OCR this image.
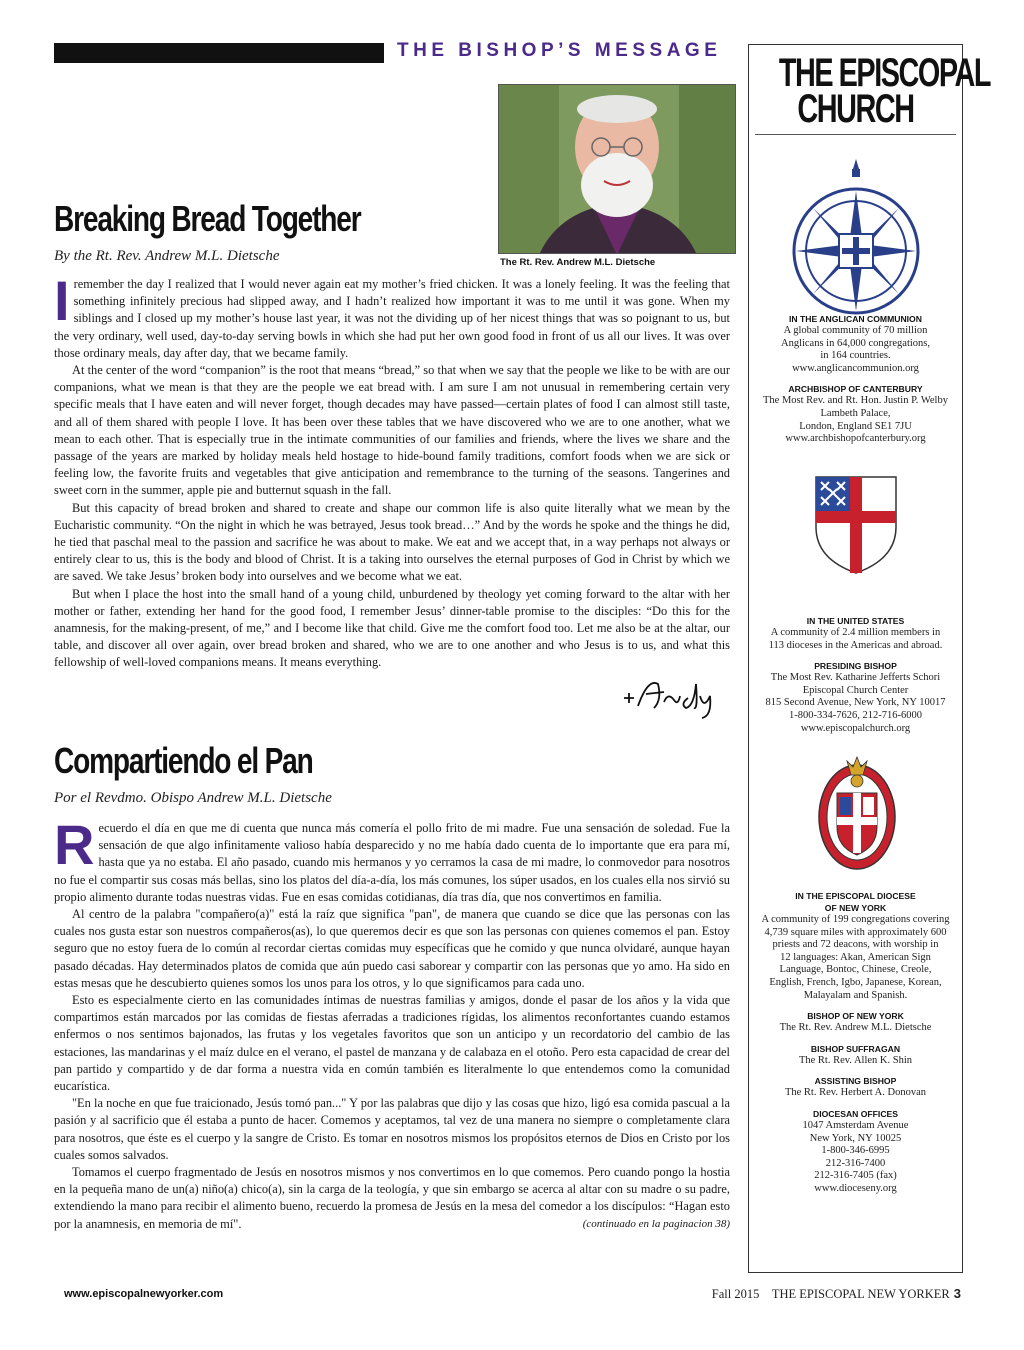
THE BISHOP’S MESSAGE
The Rt. Rev. Andrew M.L. Dietsche
Breaking Bread Together
By the Rt. Rev. Andrew M.L. Dietsche

Iremember the day I realized that I would never again eat my mother’s fried chicken. It was a lonely feeling. It was the feeling that something infinitely precious had slipped away, and I hadn’t realized how important it was to me until it was gone. When my siblings and I closed up my mother’s house last year, it was not the dividing up of her nicest things that was so poignant to us, but the very ordinary, well used, day-to-day serving bowls in which she had put her own good food in front of us all our lives. It was over those ordinary meals, day after day, that we became family.

At the center of the word “companion” is the root that means “bread,” so that when we say that the people we like to be with are our companions, what we mean is that they are the people we eat bread with. I am sure I am not unusual in remembering certain very specific meals that I have eaten and will never forget, though decades may have passed—certain plates of food I can almost still taste, and all of them shared with people I love. It has been over these tables that we have discovered who we are to one another, what we mean to each other. That is especially true in the intimate communities of our families and friends, where the lives we share and the passage of the years are marked by holiday meals held hostage to hide-bound family traditions, comfort foods when we are sick or feeling low, the favorite fruits and vegetables that give anticipation and remembrance to the turning of the seasons. Tangerines and sweet corn in the summer, apple pie and butternut squash in the fall.

But this capacity of bread broken and shared to create and shape our common life is also quite literally what we mean by the Eucharistic community. “On the night in which he was betrayed, Jesus took bread…” And by the words he spoke and the things he did, he tied that paschal meal to the passion and sacrifice he was about to make. We eat and we accept that, in a way perhaps not always or entirely clear to us, this is the body and blood of Christ. It is a taking into ourselves the eternal purposes of God in Christ by which we are saved. We take Jesus’ broken body into ourselves and we become what we eat.

But when I place the host into the small hand of a young child, unburdened by theology yet coming forward to the altar with her mother or father, extending her hand for the good food, I remember Jesus’ dinner-table promise to the disciples: “Do this for the anamnesis, for the making-present, of me,” and I become like that child. Give me the comfort food too. Let me also be at the altar, our table, and discover all over again, over bread broken and shared, who we are to one another and who Jesus is to us, and what this fellowship of well-loved companions means. It means everything.

Compartiendo el Pan
Por el Revdmo. Obispo Andrew M.L. Dietsche

Recuerdo el día en que me di cuenta que nunca más comería el pollo frito de mi madre. Fue una sensación de soledad. Fue la sensación de que algo infinitamente valioso había desparecido y no me había dado cuenta de lo importante que era para mí, hasta que ya no estaba. El año pasado, cuando mis hermanos y yo cerramos la casa de mi madre, lo conmovedor para nosotros no fue el compartir sus cosas más bellas, sino los platos del día-a-día, los más comunes, los súper usados, en los cuales ella nos sirvió su propio alimento durante todas nuestras vidas. Fue en esas comidas cotidianas, día tras día, que nos convertimos en familia.

Al centro de la palabra "compañero(a)" está la raíz que significa "pan", de manera que cuando se dice que las personas con las cuales nos gusta estar son nuestros compañeros(as), lo que queremos decir es que son las personas con quienes comemos el pan. Estoy seguro que no estoy fuera de lo común al recordar ciertas comidas muy específicas que he comido y que nunca olvidaré, aunque hayan pasado décadas. Hay determinados platos de comida que aún puedo casi saborear y compartir con las personas que yo amo. Ha sido en estas mesas que he descubierto quienes somos los unos para los otros, y lo que significamos para cada uno.

Esto es especialmente cierto en las comunidades íntimas de nuestras familias y amigos, donde el pasar de los años y la vida que compartimos están marcados por las comidas de fiestas aferradas a tradiciones rígidas, los alimentos reconfortantes cuando estamos enfermos o nos sentimos bajonados, las frutas y los vegetales favoritos que son un anticipo y un recordatorio del cambio de las estaciones, las mandarinas y el maíz dulce en el verano, el pastel de manzana y de calabaza en el otoño. Pero esta capacidad de crear del pan partido y compartido y de dar forma a nuestra vida en común también es literalmente lo que entendemos como la comunidad eucarística.

"En la noche en que fue traicionado, Jesús tomó pan..." Y por las palabras que dijo y las cosas que hizo, ligó esa comida pascual a la pasión y al sacrificio que él estaba a punto de hacer. Comemos y aceptamos, tal vez de una manera no siempre o completamente clara para nosotros, que éste es el cuerpo y la sangre de Cristo. Es tomar en nosotros mismos los propósitos eternos de Dios en Cristo por los cuales somos salvados.

Tomamos el cuerpo fragmentado de Jesús en nosotros mismos y nos convertimos en lo que comemos. Pero cuando pongo la hostia en la pequeña mano de un(a) niño(a) chico(a), sin la carga de la teología, y que sin embargo se acerca al altar con su madre o su padre, extendiendo la mano para recibir el alimento bueno, recuerdo la promesa de Jesús en la mesa del comedor a los discípulos: “Hagan esto por la anamnesis, en memoria de mí".	(continuado en la paginacion 38)

THE EPISCOPAL
CHURCH
IN THE ANGLICAN COMMUNION
A global community of 70 million
Anglicans in 64,000 congregations,
in 164 countries.
www.anglicancommunion.org
ARCHBISHOP OF CANTERBURY
The Most Rev. and Rt. Hon. Justin P. Welby
Lambeth Palace,
London, England SE1 7JU
www.archbishopofcanterbury.org
IN THE UNITED STATES
A community of 2.4 million members in
113 dioceses in the Americas and abroad.
PRESIDING BISHOP
The Most Rev. Katharine Jefferts Schori
Episcopal Church Center
815 Second Avenue, New York, NY 10017
1-800-334-7626, 212-716-6000
www.episcopalchurch.org
IN THE EPISCOPAL DIOCESE
OF NEW YORK
A community of 199 congregations covering
4,739 square miles with approximately 600
priests and 72 deacons, with worship in
12 languages: Akan, American Sign
Language, Bontoc, Chinese, Creole,
English, French, Igbo, Japanese, Korean,
Malayalam and Spanish.
BISHOP OF NEW YORK
The Rt. Rev. Andrew M.L. Dietsche
BISHOP SUFFRAGAN
The Rt. Rev. Allen K. Shin
ASSISTING BISHOP
The Rt. Rev. Herbert A. Donovan
DIOCESAN OFFICES
1047 Amsterdam Avenue
New York, NY 10025
1-800-346-6995
212-316-7400
212-316-7405 (fax)
www.dioceseny.org
www.episcopalnewyorker.com	Fall 2015 THE EPISCOPAL NEW YORKER 3
